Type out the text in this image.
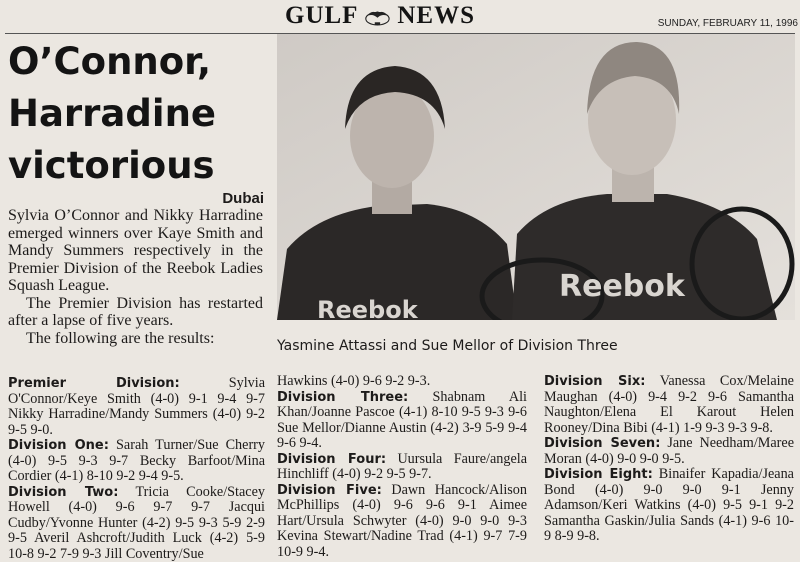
GULF NEWS	SUNDAY, FEBRUARY 11, 1996
O’Connor,
Harradine
victorious
Dubai

Sylvia O’Connor and Nikky Harradine emerged winners over Kaye Smith and Mandy Summers respectively in the Premier Division of the Reebok Ladies Squash League.

The Premier Division has restarted after a lapse of five years.

The following are the results:

Reebok
Reebok
Yasmine Attassi and Sue Mellor of Division Three

Premier Division: Sylvia O'Connor/Keye Smith (4-0) 9-1 9-4 9-7 Nikky Harradine/Mandy Summers (4-0) 9-2 9-5 9-0.

Division One: Sarah Turner/Sue Cherry (4-0) 9-5 9-3 9-7 Becky Barfoot/Mina Cordier (4-1) 8-10 9-2 9-4 9-5.

Division Two: Tricia Cooke/Stacey Howell (4-0) 9-6 9-7 9-7 Jacqui Cudby/Yvonne Hunter (4-2) 9-5 9-3 5-9 2-9 9-5 Averil Ashcroft/Judith Luck (4-2) 5-9 10-8 9-2 7-9 9-3 Jill Coventry/Sue

Hawkins (4-0) 9-6 9-2 9-3.

Division Three: Shabnam Ali Khan/Joanne Pascoe (4-1) 8-10 9-5 9-3 9-6 Sue Mellor/Dianne Austin (4-2) 3-9 5-9 9-4 9-6 9-4.

Division Four: Uursula Faure/angela Hinchliff (4-0) 9-2 9-5 9-7.

Division Five: Dawn Hancock/Alison McPhillips (4-0) 9-6 9-6 9-1 Aimee Hart/Ursula Schwyter (4-0) 9-0 9-0 9-3 Kevina Stewart/Nadine Trad (4-1) 9-7 7-9 10-9 9-4.

Division Six: Vanessa Cox/Melaine Maughan (4-0) 9-4 9-2 9-6 Samantha Naughton/Elena El Karout Helen Rooney/Dina Bibi (4-1) 1-9 9-3 9-3 9-8.

Division Seven: Jane Needham/Maree Moran (4-0) 9-0 9-0 9-5.

Division Eight: Binaifer Kapadia/Jeana Bond (4-0) 9-0 9-0 9-1 Jenny Adamson/Keri Watkins (4-0) 9-5 9-1 9-2 Samantha Gaskin/Julia Sands (4-1) 9-6 10-9 8-9 9-8.
